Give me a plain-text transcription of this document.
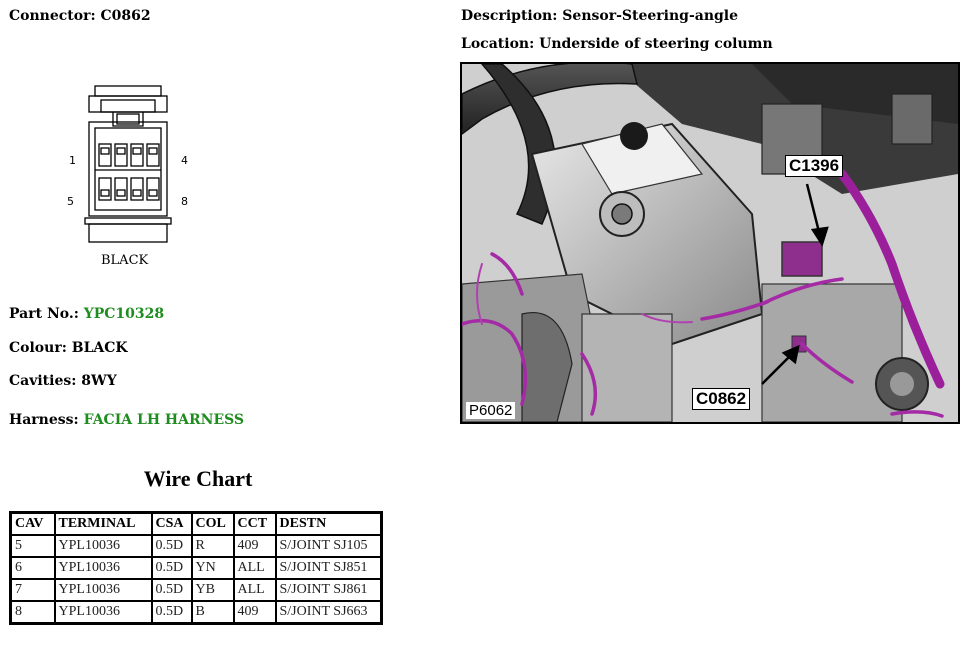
Connector: C0862	Description: Sensor-Steering-angle
Location: Underside of steering column
1	4
5	8
BLACK
Part No.: YPC10328
Colour: BLACK
Cavities: 8WY
Harness: FACIA LH HARNESS
C1396
C0862
P6062
Wire Chart
CAV	TERMINAL	CSA	COL	CCT	DESTN
5	YPL10036	0.5D	R	409	S/JOINT SJ105
6	YPL10036	0.5D	YN	ALL	S/JOINT SJ851
7	YPL10036	0.5D	YB	ALL	S/JOINT SJ861
8	YPL10036	0.5D	B	409	S/JOINT SJ663
